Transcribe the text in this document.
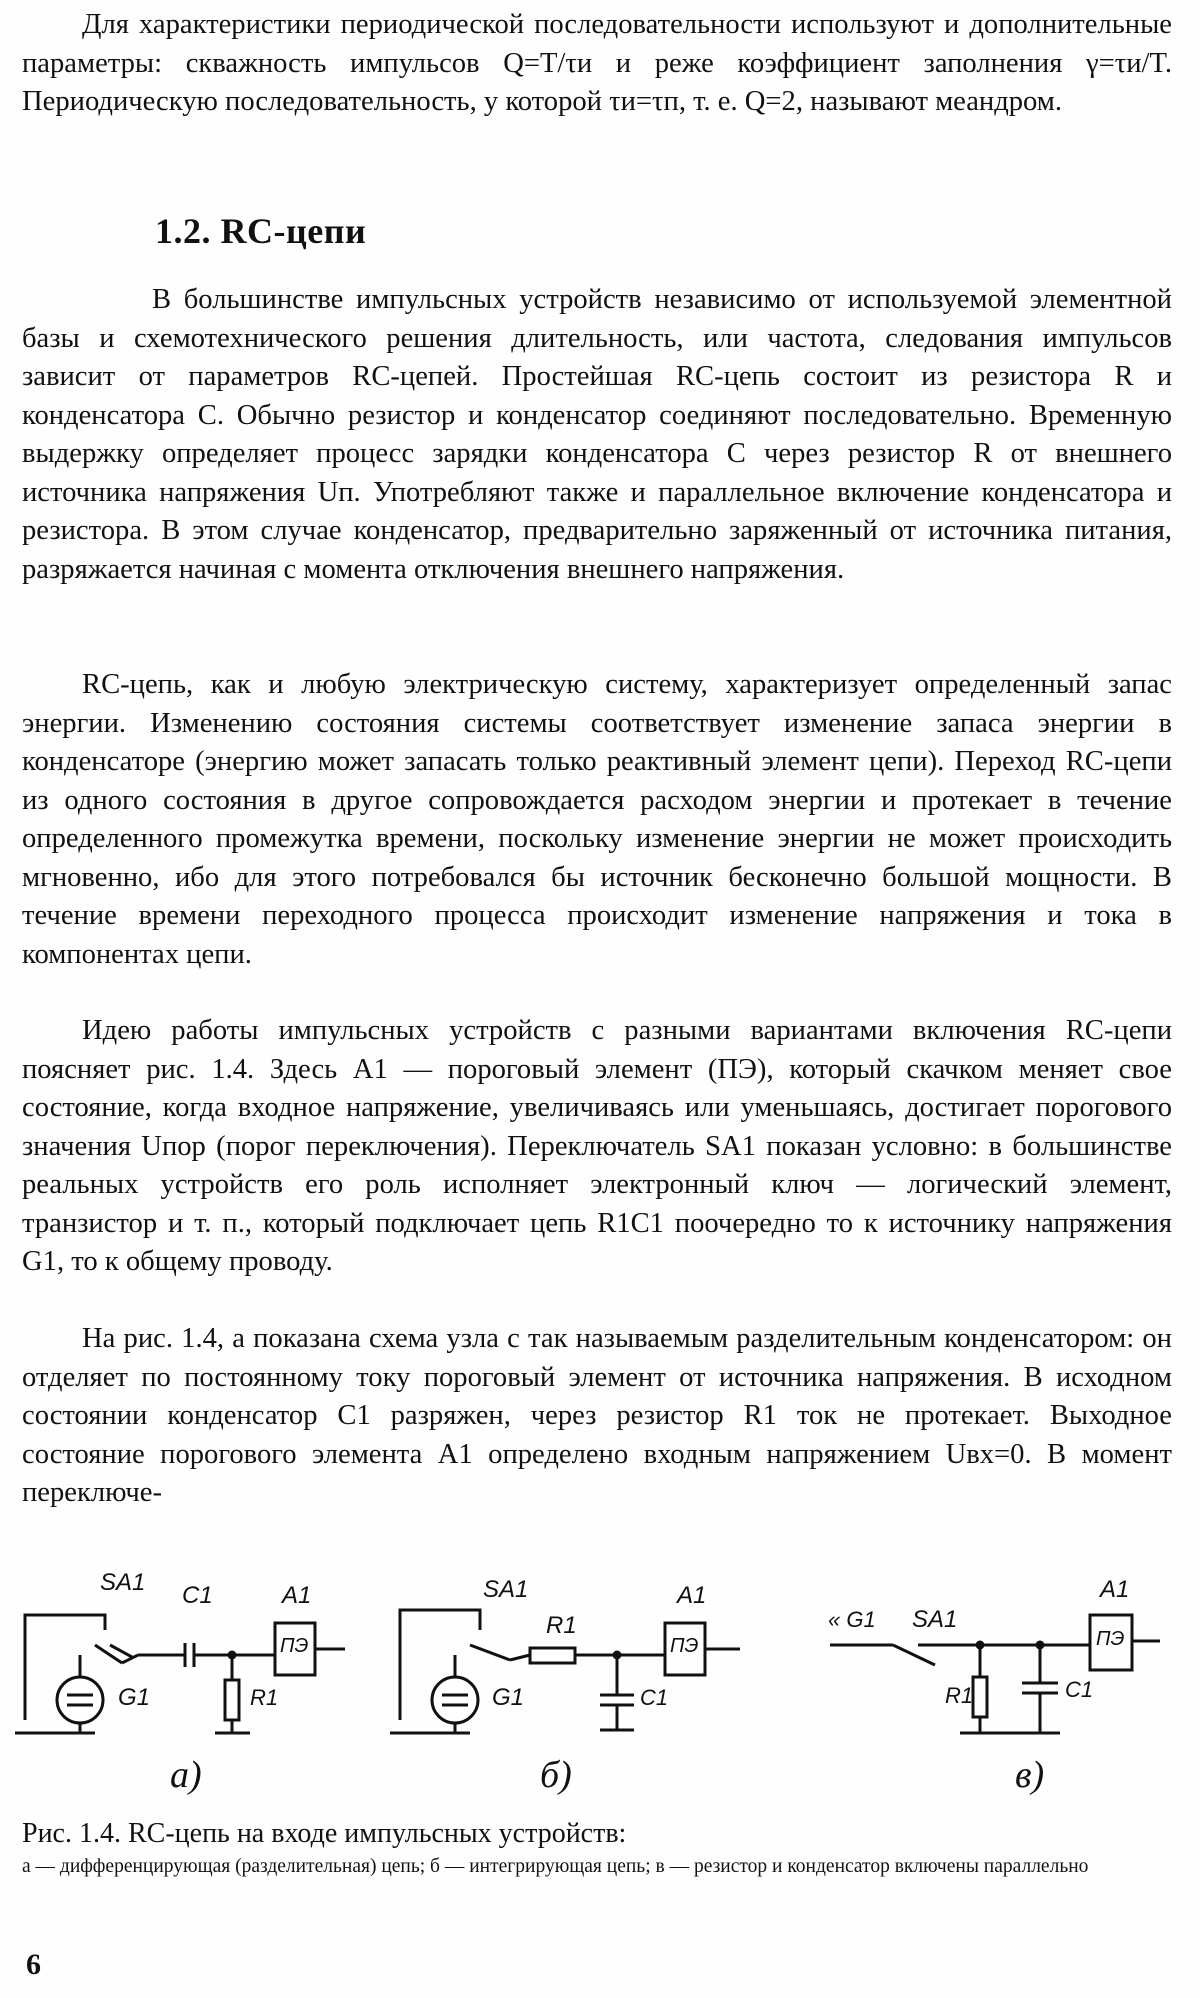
Для характеристики периодической последовательности используют и дополнительные параметры: скважность импульсов Q=T/τи и реже коэффициент заполнения γ=τи/T. Периодическую последовательность, у которой τи=τп, т. е. Q=2, называют меандром.

1.2. RC-цепи

В большинстве импульсных устройств независимо от используемой элементной базы и схемотехнического решения длительность, или частота, следования импульсов зависит от параметров RC-цепей. Простейшая RC-цепь состоит из резистора R и конденсатора C. Обычно резистор и конденсатор соединяют последовательно. Временную выдержку определяет процесс зарядки конденсатора C через резистор R от внешнего источника напряжения Uп. Употребляют также и параллельное включение конденсатора и резистора. В этом случае конденсатор, предварительно заряженный от источника питания, разряжается начиная с момента отключения внешнего напряжения.

RC-цепь, как и любую электрическую систему, характеризует определенный запас энергии. Изменению состояния системы соответствует изменение запаса энергии в конденсаторе (энергию может запасать только реактивный элемент цепи). Переход RC-цепи из одного состояния в другое сопровождается расходом энергии и протекает в течение определенного промежутка времени, поскольку изменение энергии не может происходить мгновенно, ибо для этого потребовался бы источник бесконечно большой мощности. В течение времени переходного процесса происходит изменение напряжения и тока в компонентах цепи.

Идею работы импульсных устройств с разными вариантами включения RC-цепи поясняет рис. 1.4. Здесь A1 — пороговый элемент (ПЭ), который скачком меняет свое состояние, когда входное напряжение, увеличиваясь или уменьшаясь, достигает порогового значения Uпор (порог переключения). Переключатель SA1 показан условно: в большинстве реальных устройств его роль исполняет электронный ключ — логический элемент, транзистор и т. п., который подключает цепь R1C1 поочередно то к источнику напряжения G1, то к общему проводу.

На рис. 1.4, а показана схема узла с так называемым разделительным конденсатором: он отделяет по постоянному току пороговый элемент от источника напряжения. В исходном состоянии конденсатор C1 разряжен, через резистор R1 ток не протекает. Выходное состояние порогового элемента A1 определено входным напряжением Uвх=0. В момент переключе-

SA1 C1	A1
ПЭ
G1	R1
SA1
R1
A1
ПЭ
G1	C1
« G1 SA1
A1
ПЭ
R1	C1
а)	б)	в)

Рис. 1.4. RC-цепь на входе импульсных устройств:

а — дифференцирующая (разделительная) цепь; б — интегрирующая цепь; в — резистор и конденсатор включены параллельно

6
